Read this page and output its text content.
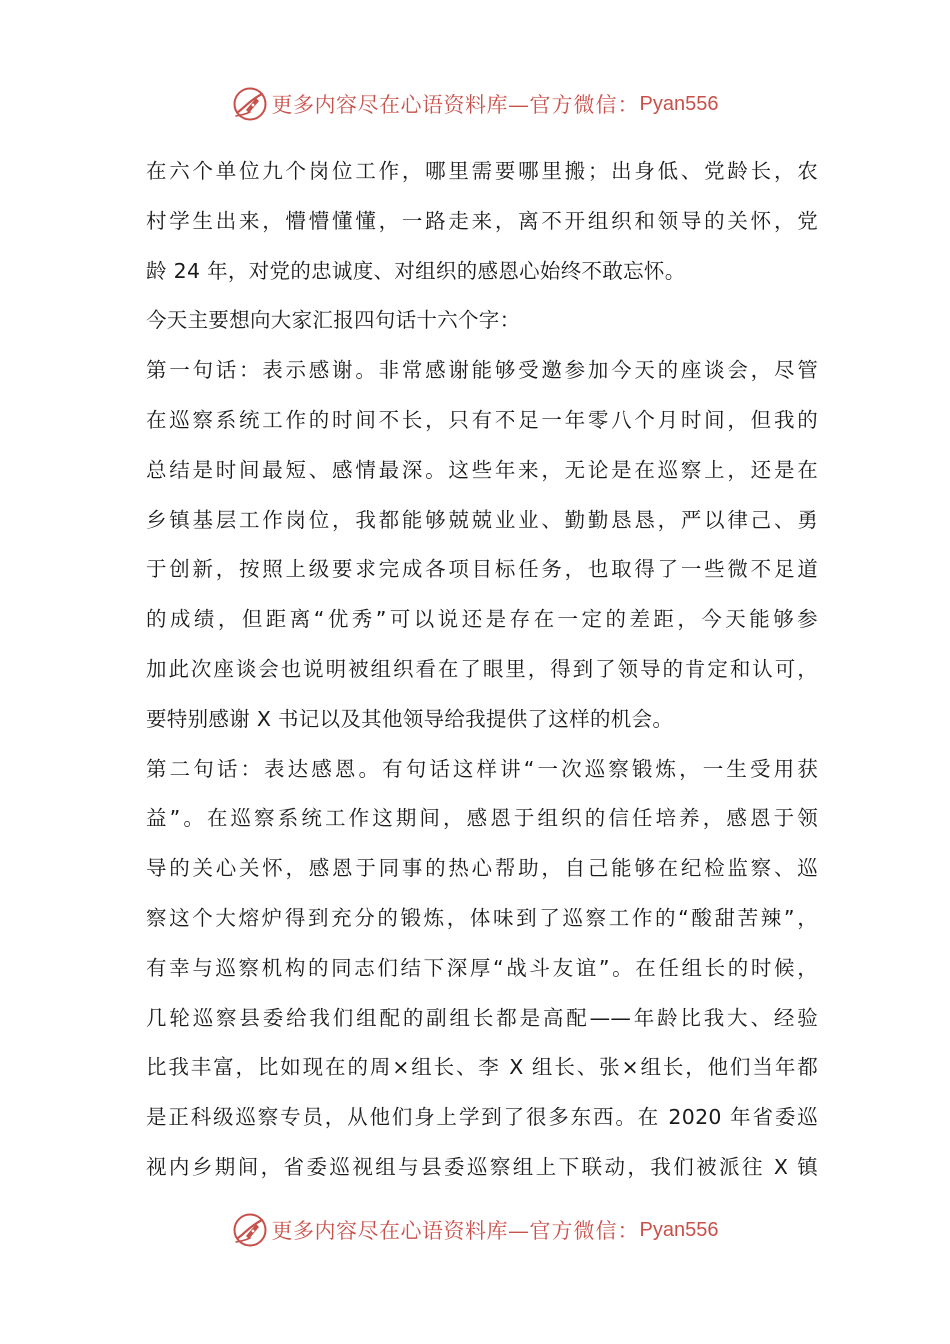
更多内容尽在心语资料库— 官方微信： Pyan556
在六个单位九个岗位工作，哪里需要哪里搬；出身低、党龄长，农
村学生出来，懵懵懂懂，一路走来，离不开组织和领导的关怀，党
龄 24 年，对党的忠诚度、对组织的感恩心始终不敢忘怀。
今天主要想向大家汇报四句话十六个字：
第一句话：表示感谢。非常感谢能够受邀参加今天的座谈会，尽管
在巡察系统工作的时间不长，只有不足一年零八个月时间，但我的
总结是时间最短、感情最深。这些年来，无论是在巡察上，还是在
乡镇基层工作岗位，我都能够兢兢业业、勤勤恳恳，严以律己、勇
于创新，按照上级要求完成各项目标任务，也取得了一些微不足道
的成绩，但距离“优秀”可以说还是存在一定的差距，今天能够参
加此次座谈会也说明被组织看在了眼里，得到了领导的肯定和认可，
要特别感谢 X 书记以及其他领导给我提供了这样的机会。
第二句话：表达感恩。有句话这样讲“一次巡察锻炼，一生受用获
益”。在巡察系统工作这期间，感恩于组织的信任培养，感恩于领
导的关心关怀，感恩于同事的热心帮助，自己能够在纪检监察、巡
察这个大熔炉得到充分的锻炼，体味到了巡察工作的“酸甜苦辣”，
有幸与巡察机构的同志们结下深厚“战斗友谊”。在任组长的时候，
几轮巡察县委给我们组配的副组长都是高配——年龄比我大、经验
比我丰富，比如现在的周×组长、李 X 组长、张×组长，他们当年都
是正科级巡察专员，从他们身上学到了很多东西。在 2020 年省委巡
视内乡期间，省委巡视组与县委巡察组上下联动，我们被派往 X 镇
更多内容尽在心语资料库— 官方微信： Pyan556
